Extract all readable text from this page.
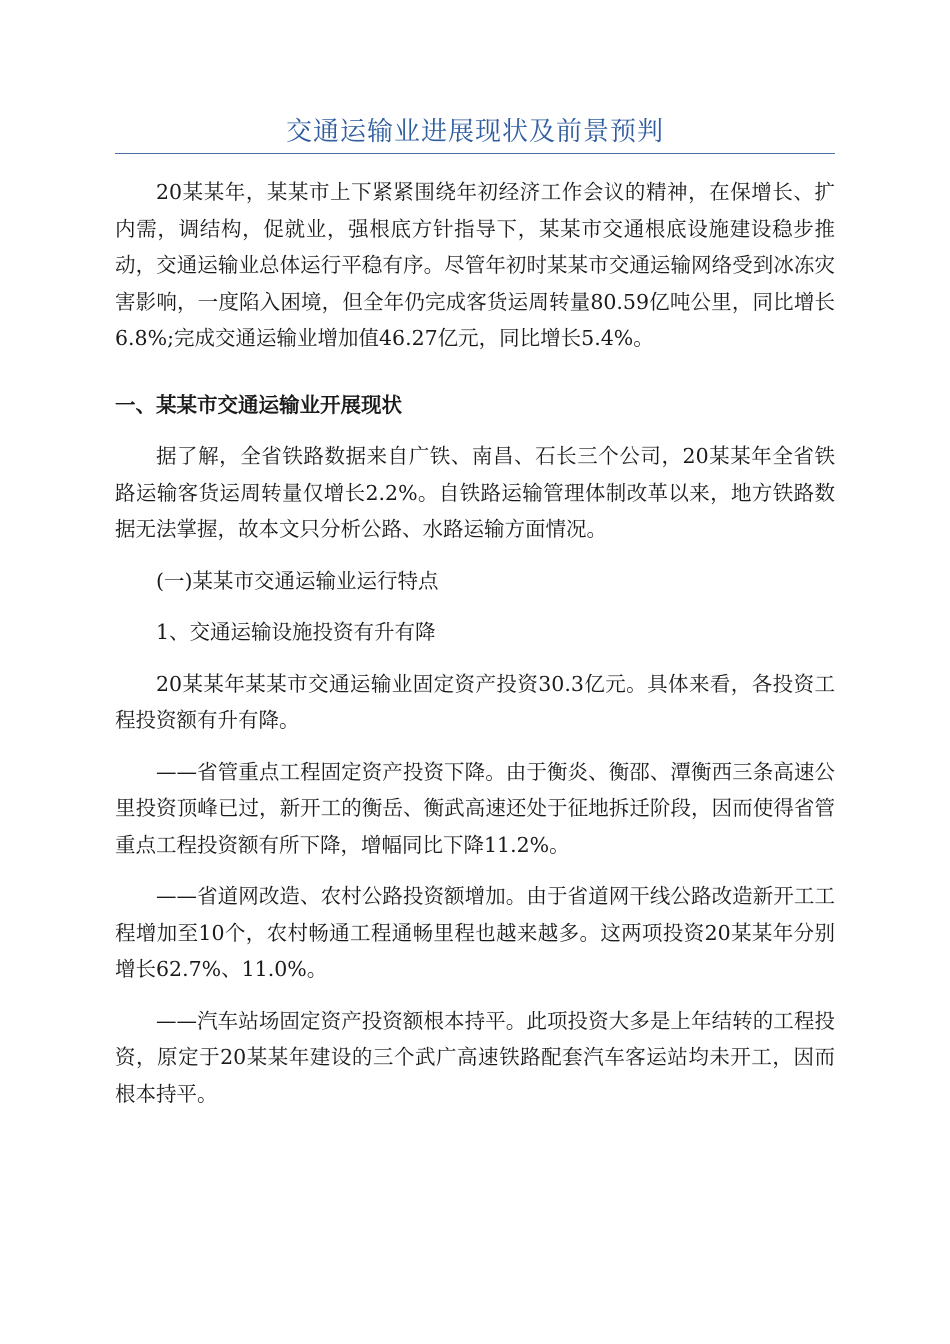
交通运输业进展现状及前景预判

20某某年，某某市上下紧紧围绕年初经济工作会议的精神，在保增长、扩内需，调结构，促就业，强根底方针指导下，某某市交通根底设施建设稳步推动，交通运输业总体运行平稳有序。尽管年初时某某市交通运输网络受到冰冻灾害影响，一度陷入困境，但全年仍完成客货运周转量80.59亿吨公里，同比增长6.8%;完成交通运输业增加值46.27亿元，同比增长5.4%。

一、某某市交通运输业开展现状

据了解，全省铁路数据来自广铁、南昌、石长三个公司，20某某年全省铁路运输客货运周转量仅增长2.2%。自铁路运输管理体制改革以来，地方铁路数据无法掌握，故本文只分析公路、水路运输方面情况。

(一)某某市交通运输业运行特点

1、交通运输设施投资有升有降

20某某年某某市交通运输业固定资产投资30.3亿元。具体来看，各投资工程投资额有升有降。

——省管重点工程固定资产投资下降。由于衡炎、衡邵、潭衡西三条高速公里投资顶峰已过，新开工的衡岳、衡武高速还处于征地拆迁阶段，因而使得省管重点工程投资额有所下降，增幅同比下降11.2%。

——省道网改造、农村公路投资额增加。由于省道网干线公路改造新开工工程增加至10个，农村畅通工程通畅里程也越来越多。这两项投资20某某年分别增长62.7%、11.0%。

——汽车站场固定资产投资额根本持平。此项投资大多是上年结转的工程投资，原定于20某某年建设的三个武广高速铁路配套汽车客运站均未开工，因而根本持平。
